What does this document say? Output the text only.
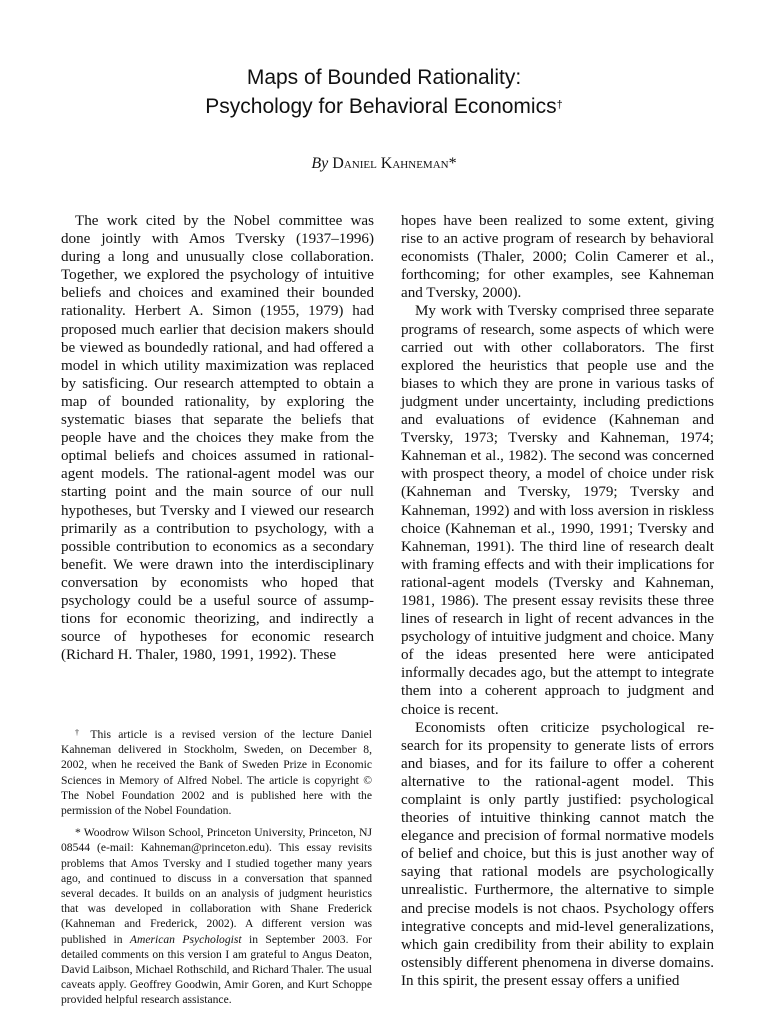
Maps of Bounded Rationality:
Psychology for Behavioral Economics†
By Daniel Kahneman*

The work cited by the Nobel committee was done jointly with Amos Tversky (1937–1996) during a long and unusually close collaboration. Together, we explored the psychology of intuitive beliefs and choices and examined their bounded rationality. Herbert A. Simon (1955, 1979) had proposed much earlier that decision makers should be viewed as boundedly rational, and had offered a model in which utility maximization was replaced by satisficing. Our research attempted to obtain a map of bounded rationality, by exploring the systematic biases that separate the beliefs that people have and the choices they make from the optimal beliefs and choices assumed in rational-agent models. The rational-agent model was our starting point and the main source of our null hypotheses, but Tversky and I viewed our research primarily as a contribution to psychology, with a possible contribution to economics as a secondary benefit. We were drawn into the interdisciplinary conversation by economists who hoped that psychology could be a useful source of assumptions for economic theorizing, and indirectly a source of hypotheses for economic research (Richard H. Thaler, 1980, 1991, 1992). These

hopes have been realized to some extent, giving rise to an active program of research by behavioral economists (Thaler, 2000; Colin Camerer et al., forthcoming; for other examples, see Kahneman and Tversky, 2000).

My work with Tversky comprised three separate programs of research, some aspects of which were carried out with other collaborators. The first explored the heuristics that people use and the biases to which they are prone in various tasks of judgment under uncertainty, including predictions and evaluations of evidence (Kahneman and Tversky, 1973; Tversky and Kahneman, 1974; Kahneman et al., 1982). The second was concerned with prospect theory, a model of choice under risk (Kahneman and Tversky, 1979; Tversky and Kahneman, 1992) and with loss aversion in riskless choice (Kahneman et al., 1990, 1991; Tversky and Kahneman, 1991). The third line of research dealt with framing effects and with their implications for rational-agent models (Tversky and Kahneman, 1981, 1986). The present essay revisits these three lines of research in light of recent advances in the psychology of intuitive judgment and choice. Many of the ideas presented here were anticipated informally decades ago, but the attempt to integrate them into a coherent approach to judgment and choice is recent.

Economists often criticize psychological research for its propensity to generate lists of errors and biases, and for its failure to offer a coherent alternative to the rational-agent model. This complaint is only partly justified: psychological theories of intuitive thinking cannot match the elegance and precision of formal normative models of belief and choice, but this is just another way of saying that rational models are psychologically unrealistic. Furthermore, the alternative to simple and precise models is not chaos. Psychology offers integrative concepts and mid-level generalizations, which gain credibility from their ability to explain ostensibly different phenomena in diverse domains. In this spirit, the present essay offers a unified

† This article is a revised version of the lecture Daniel Kahneman delivered in Stockholm, Sweden, on December 8, 2002, when he received the Bank of Sweden Prize in Economic Sciences in Memory of Alfred Nobel. The article is copyright © The Nobel Foundation 2002 and is published here with the permission of the Nobel Foundation.

* Woodrow Wilson School, Princeton University, Princeton, NJ 08544 (e-mail: Kahneman@princeton.edu). This essay revisits problems that Amos Tversky and I studied together many years ago, and continued to discuss in a conversation that spanned several decades. It builds on an analysis of judgment heuristics that was developed in collaboration with Shane Frederick (Kahneman and Frederick, 2002). A different version was published in American Psychologist in September 2003. For detailed comments on this version I am grateful to Angus Deaton, David Laibson, Michael Rothschild, and Richard Thaler. The usual caveats apply. Geoffrey Goodwin, Amir Goren, and Kurt Schoppe provided helpful research assistance.
